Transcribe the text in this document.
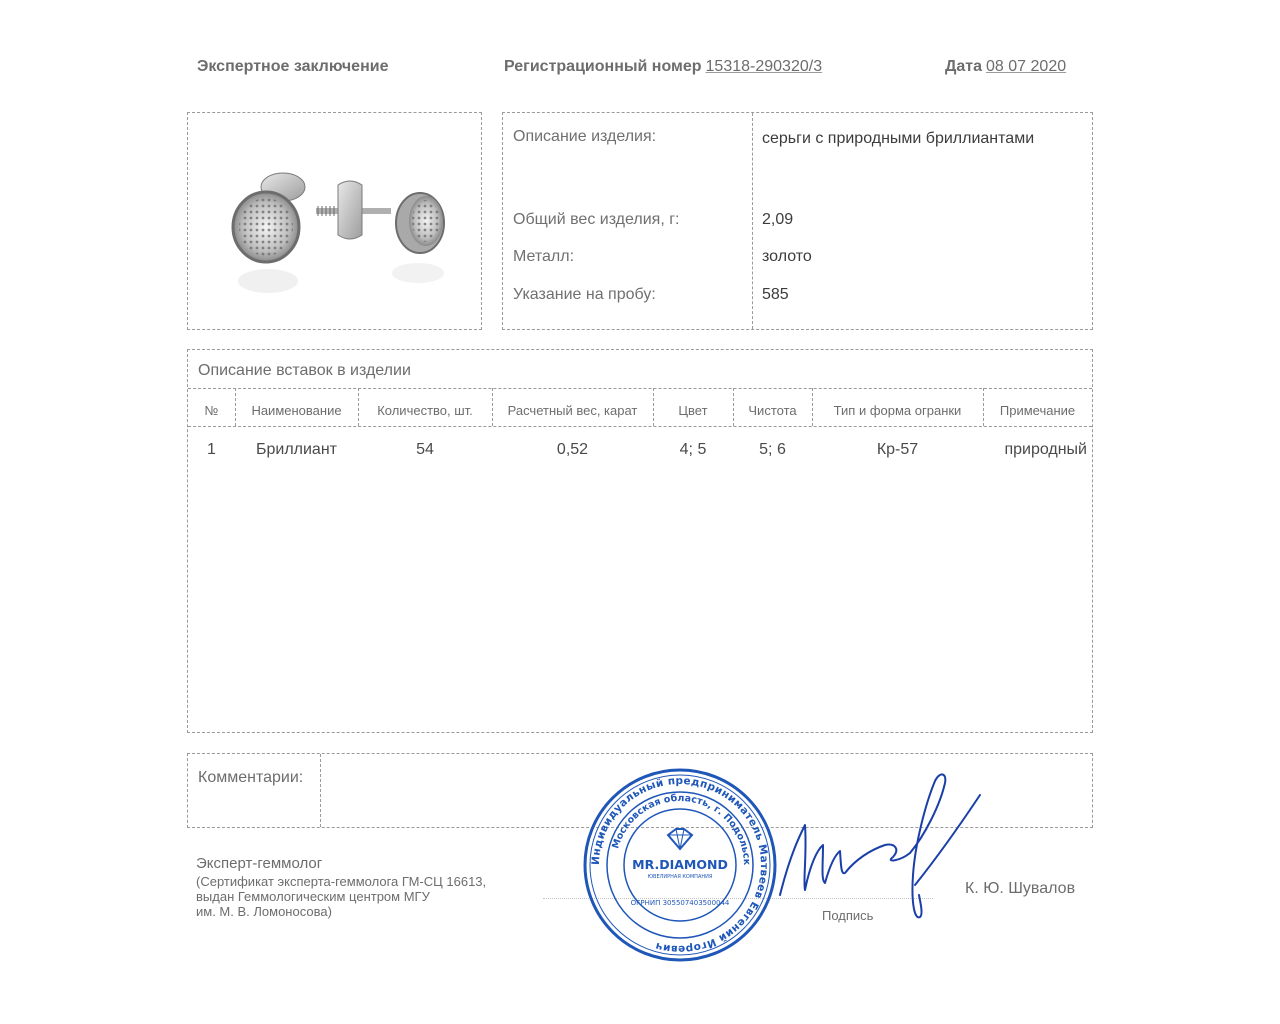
Экспертное заключение	Регистрационный номер 15318-290320/3	Дата 08 07 2020
Описание изделия:	серьги с природными бриллиантами
Общий вес изделия, г:	2,09
Металл:	золото
Указание на пробу:	585
Описание вставок в изделии
№	Наименование	Количество, шт.	Расчетный вес, карат	Цвет	Чистота	Тип и форма огранки	Примечание
1	Бриллиант	54	0,52	4; 5	5; 6	Кр-57	природный
Комментарии:
Эксперт-геммолог
(Сертификат эксперта-геммолога ГМ-СЦ 16613,
выдан Геммологическим центром МГУ
им. М. В. Ломоносова)	Подпись
К. Ю. Шувалов
Индивидуальный предприниматель Матвеев Евгений Игоревич
Московская область, г. Подольск
MR.DIAMOND
ЮВЕЛИРНАЯ КОМПАНИЯ
ОГРНИП 305507403500044
